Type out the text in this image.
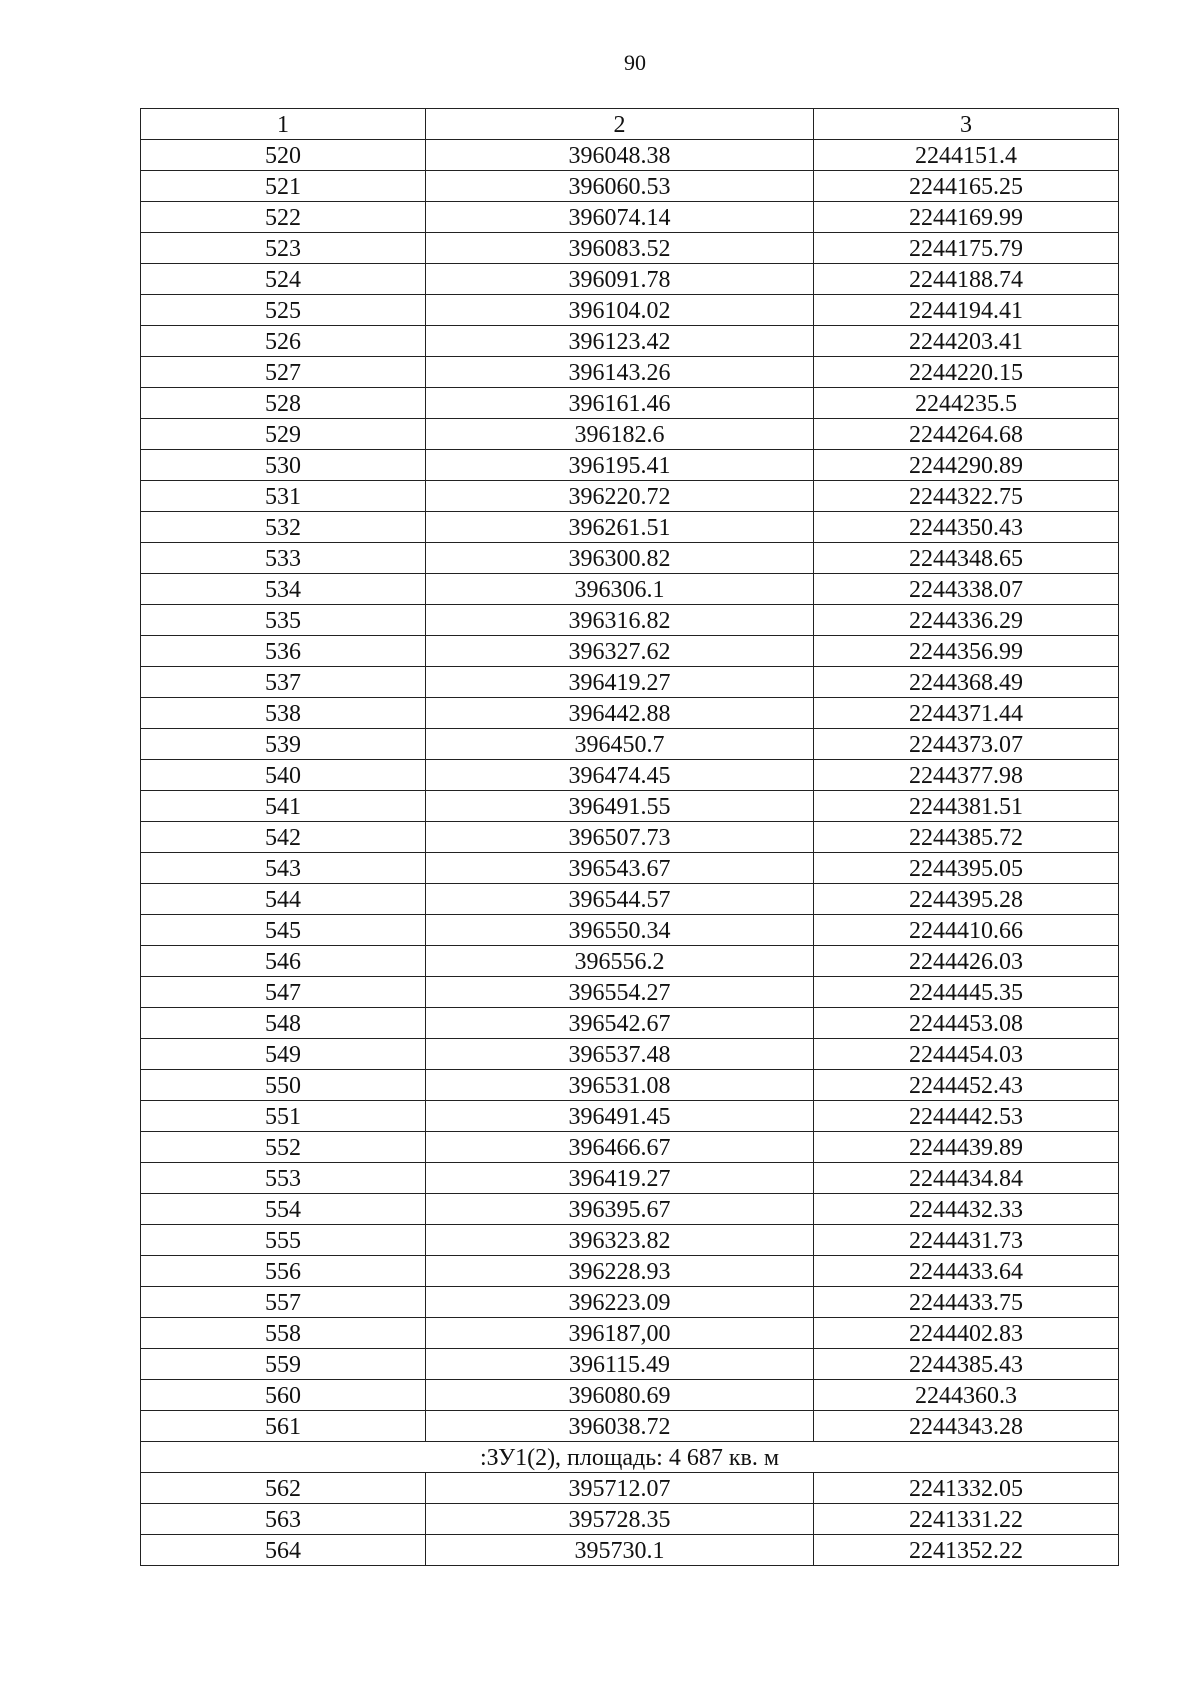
90
1	2	3
520	396048.38	2244151.4
521	396060.53	2244165.25
522	396074.14	2244169.99
523	396083.52	2244175.79
524	396091.78	2244188.74
525	396104.02	2244194.41
526	396123.42	2244203.41
527	396143.26	2244220.15
528	396161.46	2244235.5
529	396182.6	2244264.68
530	396195.41	2244290.89
531	396220.72	2244322.75
532	396261.51	2244350.43
533	396300.82	2244348.65
534	396306.1	2244338.07
535	396316.82	2244336.29
536	396327.62	2244356.99
537	396419.27	2244368.49
538	396442.88	2244371.44
539	396450.7	2244373.07
540	396474.45	2244377.98
541	396491.55	2244381.51
542	396507.73	2244385.72
543	396543.67	2244395.05
544	396544.57	2244395.28
545	396550.34	2244410.66
546	396556.2	2244426.03
547	396554.27	2244445.35
548	396542.67	2244453.08
549	396537.48	2244454.03
550	396531.08	2244452.43
551	396491.45	2244442.53
552	396466.67	2244439.89
553	396419.27	2244434.84
554	396395.67	2244432.33
555	396323.82	2244431.73
556	396228.93	2244433.64
557	396223.09	2244433.75
558	396187,00	2244402.83
559	396115.49	2244385.43
560	396080.69	2244360.3
561	396038.72	2244343.28
:ЗУ1(2), площадь: 4 687 кв. м		
562	395712.07	2241332.05
563	395728.35	2241331.22
564	395730.1	2241352.22
